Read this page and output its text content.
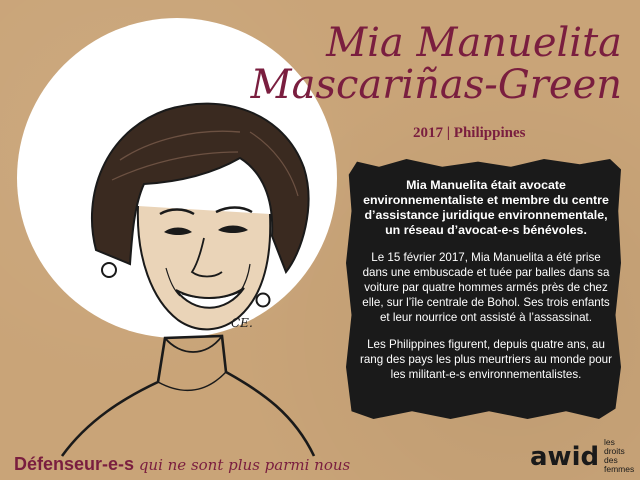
CE.
Mia Manuelita
Mascariñas-Green
2017 | Philippines

Mia Manuelita était avocate environnementaliste et membre du centre d’assistance juridique environnementale, un réseau d’avocat-e-s bénévoles.

Le 15 février 2017, Mia Manuelita a été prise dans une embuscade et tuée par balles dans sa voiture par quatre hommes armés près de chez elle, sur l’île centrale de Bohol. Ses trois enfants et leur nourrice ont assisté à l’assassinat.

Les Philippines figurent, depuis quatre ans, au rang des pays les plus meurtriers au monde pour les militant-e-s environnementalistes.

Défenseur-e-s qui ne sont plus parmi nous	awid les droits
des femmes
